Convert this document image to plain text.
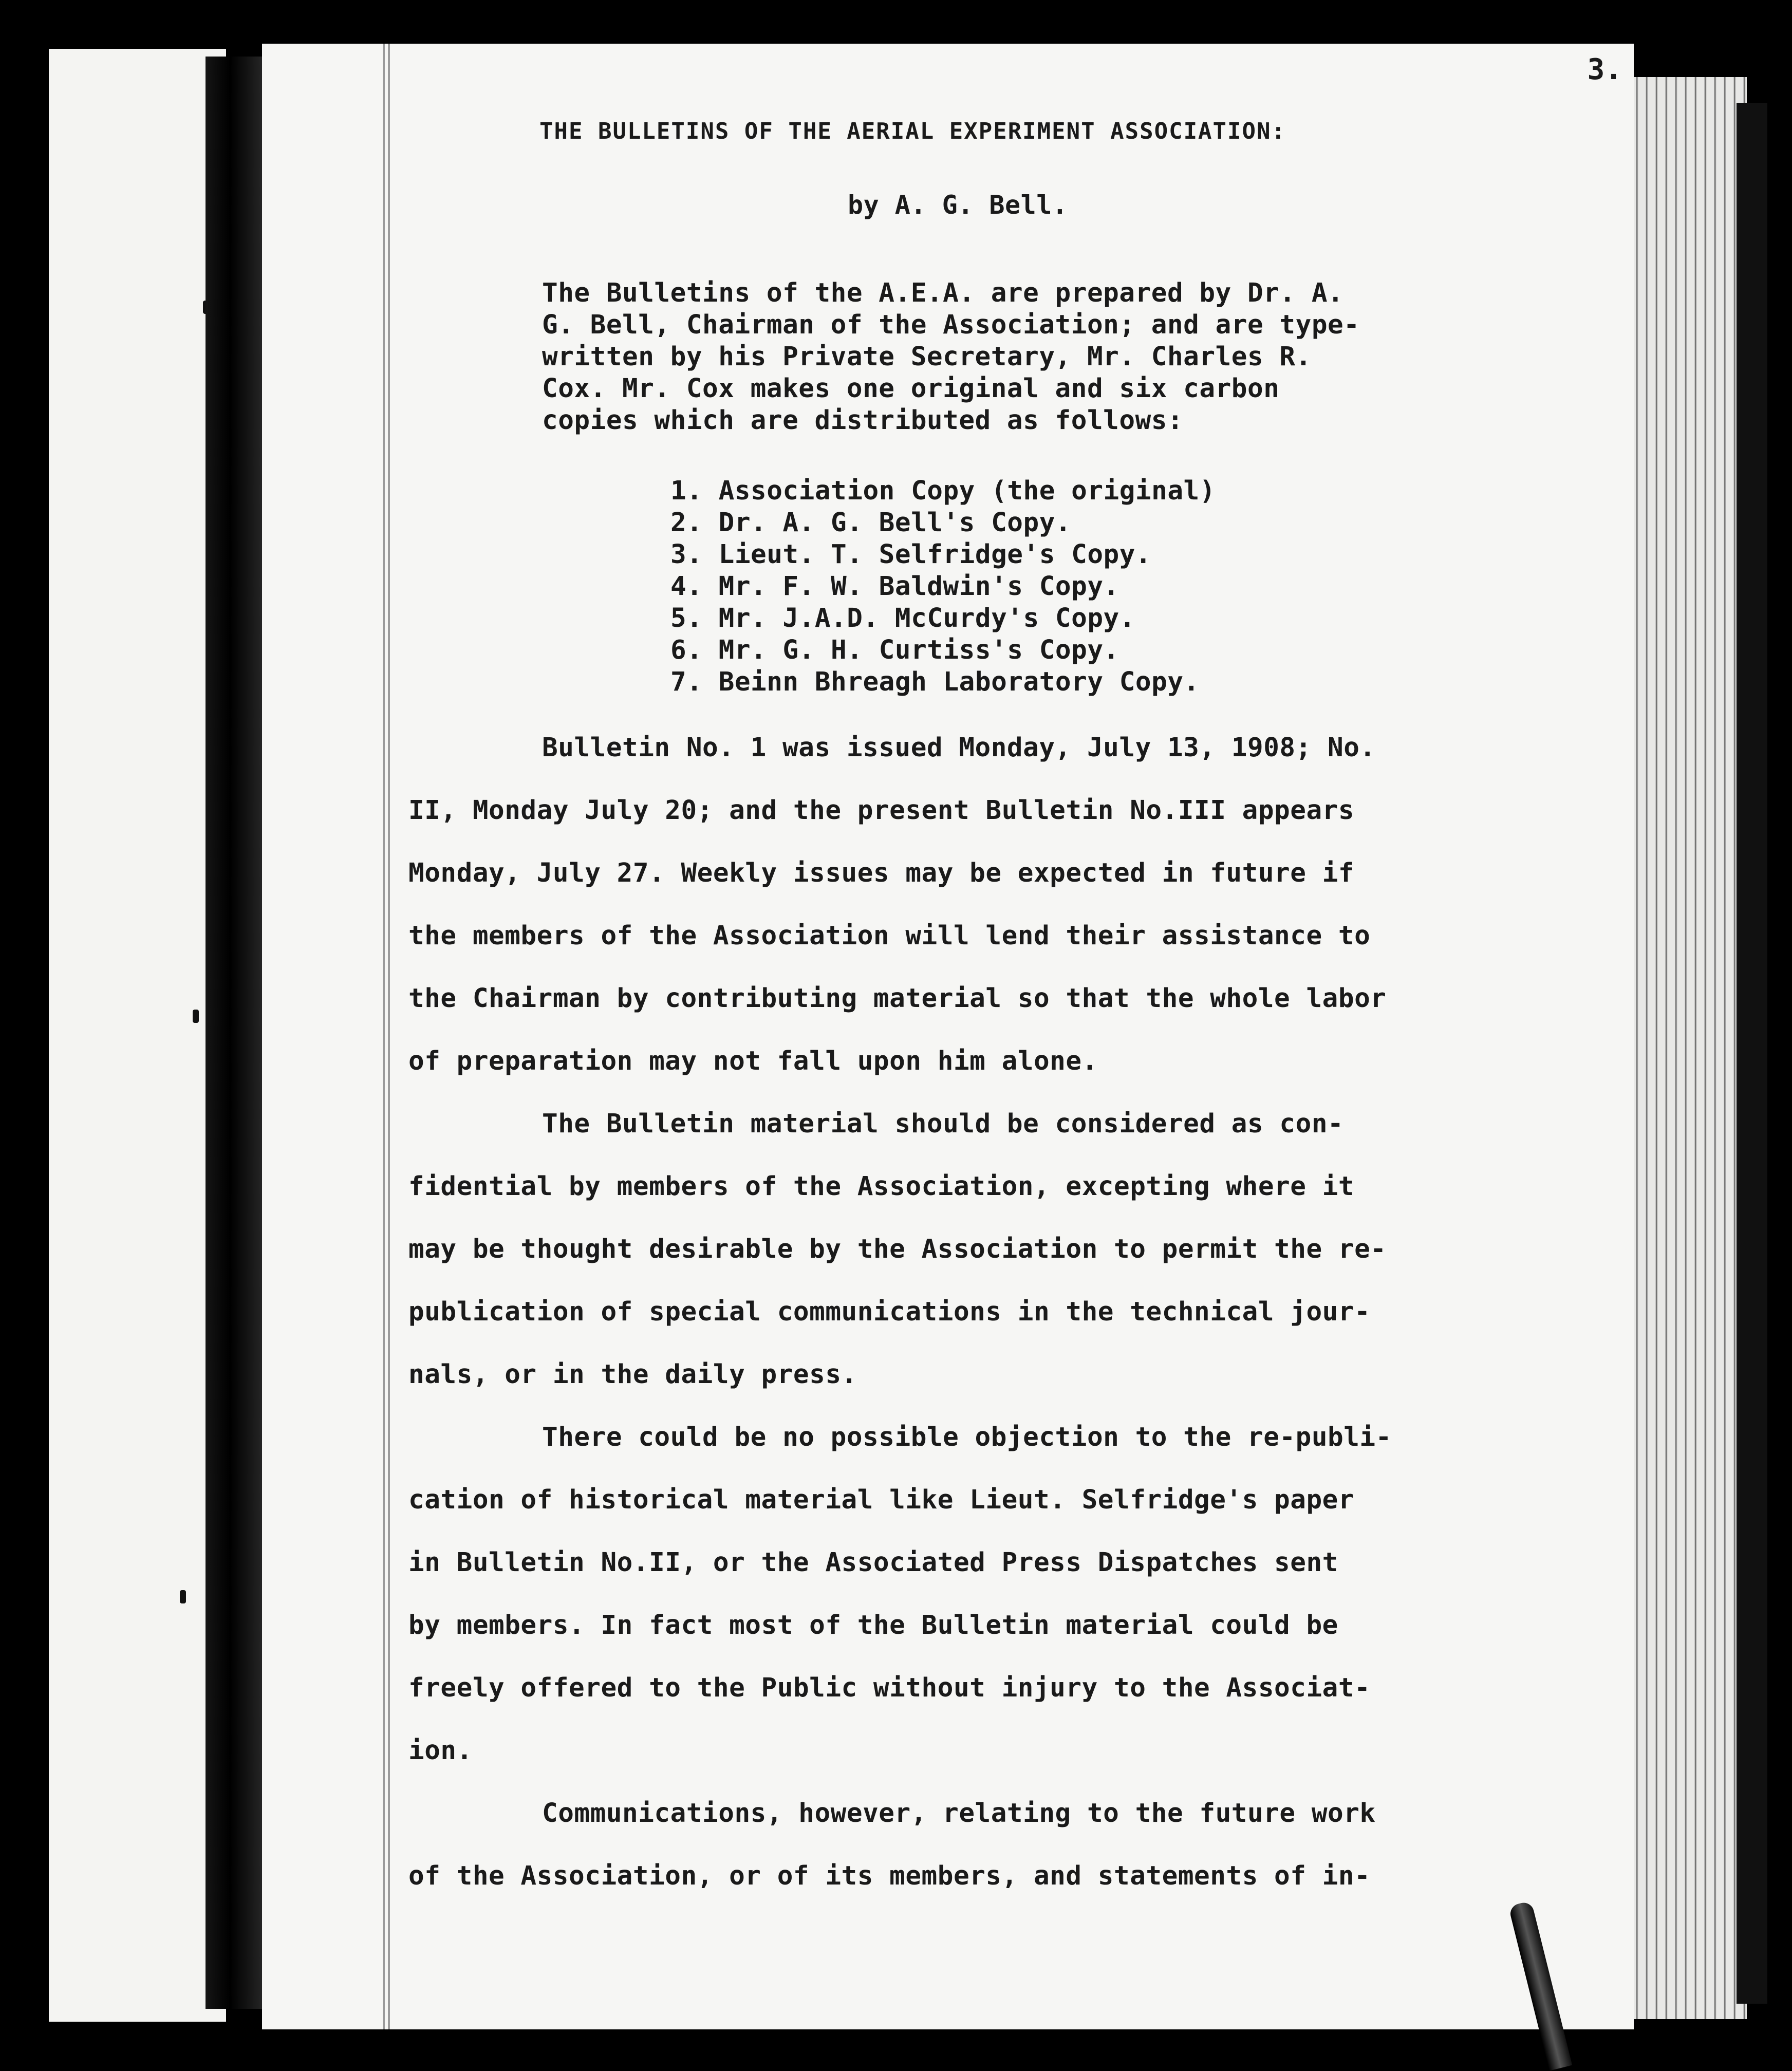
3.
THE BULLETINS OF THE AERIAL EXPERIMENT ASSOCIATION:
by A. G. Bell.
The Bulletins of the A.E.A. are prepared by Dr. A.
G. Bell, Chairman of the Association; and are type-
written by his Private Secretary, Mr. Charles R.
Cox. Mr. Cox makes one original and six carbon
copies which are distributed as follows:
1. Association Copy (the original)
2. Dr. A. G. Bell's Copy.
3. Lieut. T. Selfridge's Copy.
4. Mr. F. W. Baldwin's Copy.
5. Mr. J.A.D. McCurdy's Copy.
6. Mr. G. H. Curtiss's Copy.
7. Beinn Bhreagh Laboratory Copy.
Bulletin No. 1 was issued Monday, July 13, 1908; No.
II, Monday July 20; and the present Bulletin No.III appears
Monday, July 27. Weekly issues may be expected in future if
the members of the Association will lend their assistance to
the Chairman by contributing material so that the whole labor
of preparation may not fall upon him alone.
The Bulletin material should be considered as con-
fidential by members of the Association, excepting where it
may be thought desirable by the Association to permit the re-
publication of special communications in the technical jour-
nals, or in the daily press.
There could be no possible objection to the re-publi-
cation of historical material like Lieut. Selfridge's paper
in Bulletin No.II, or the Associated Press Dispatches sent
by members. In fact most of the Bulletin material could be
freely offered to the Public without injury to the Associat-
ion.
Communications, however, relating to the future work
of the Association, or of its members, and statements of in-
